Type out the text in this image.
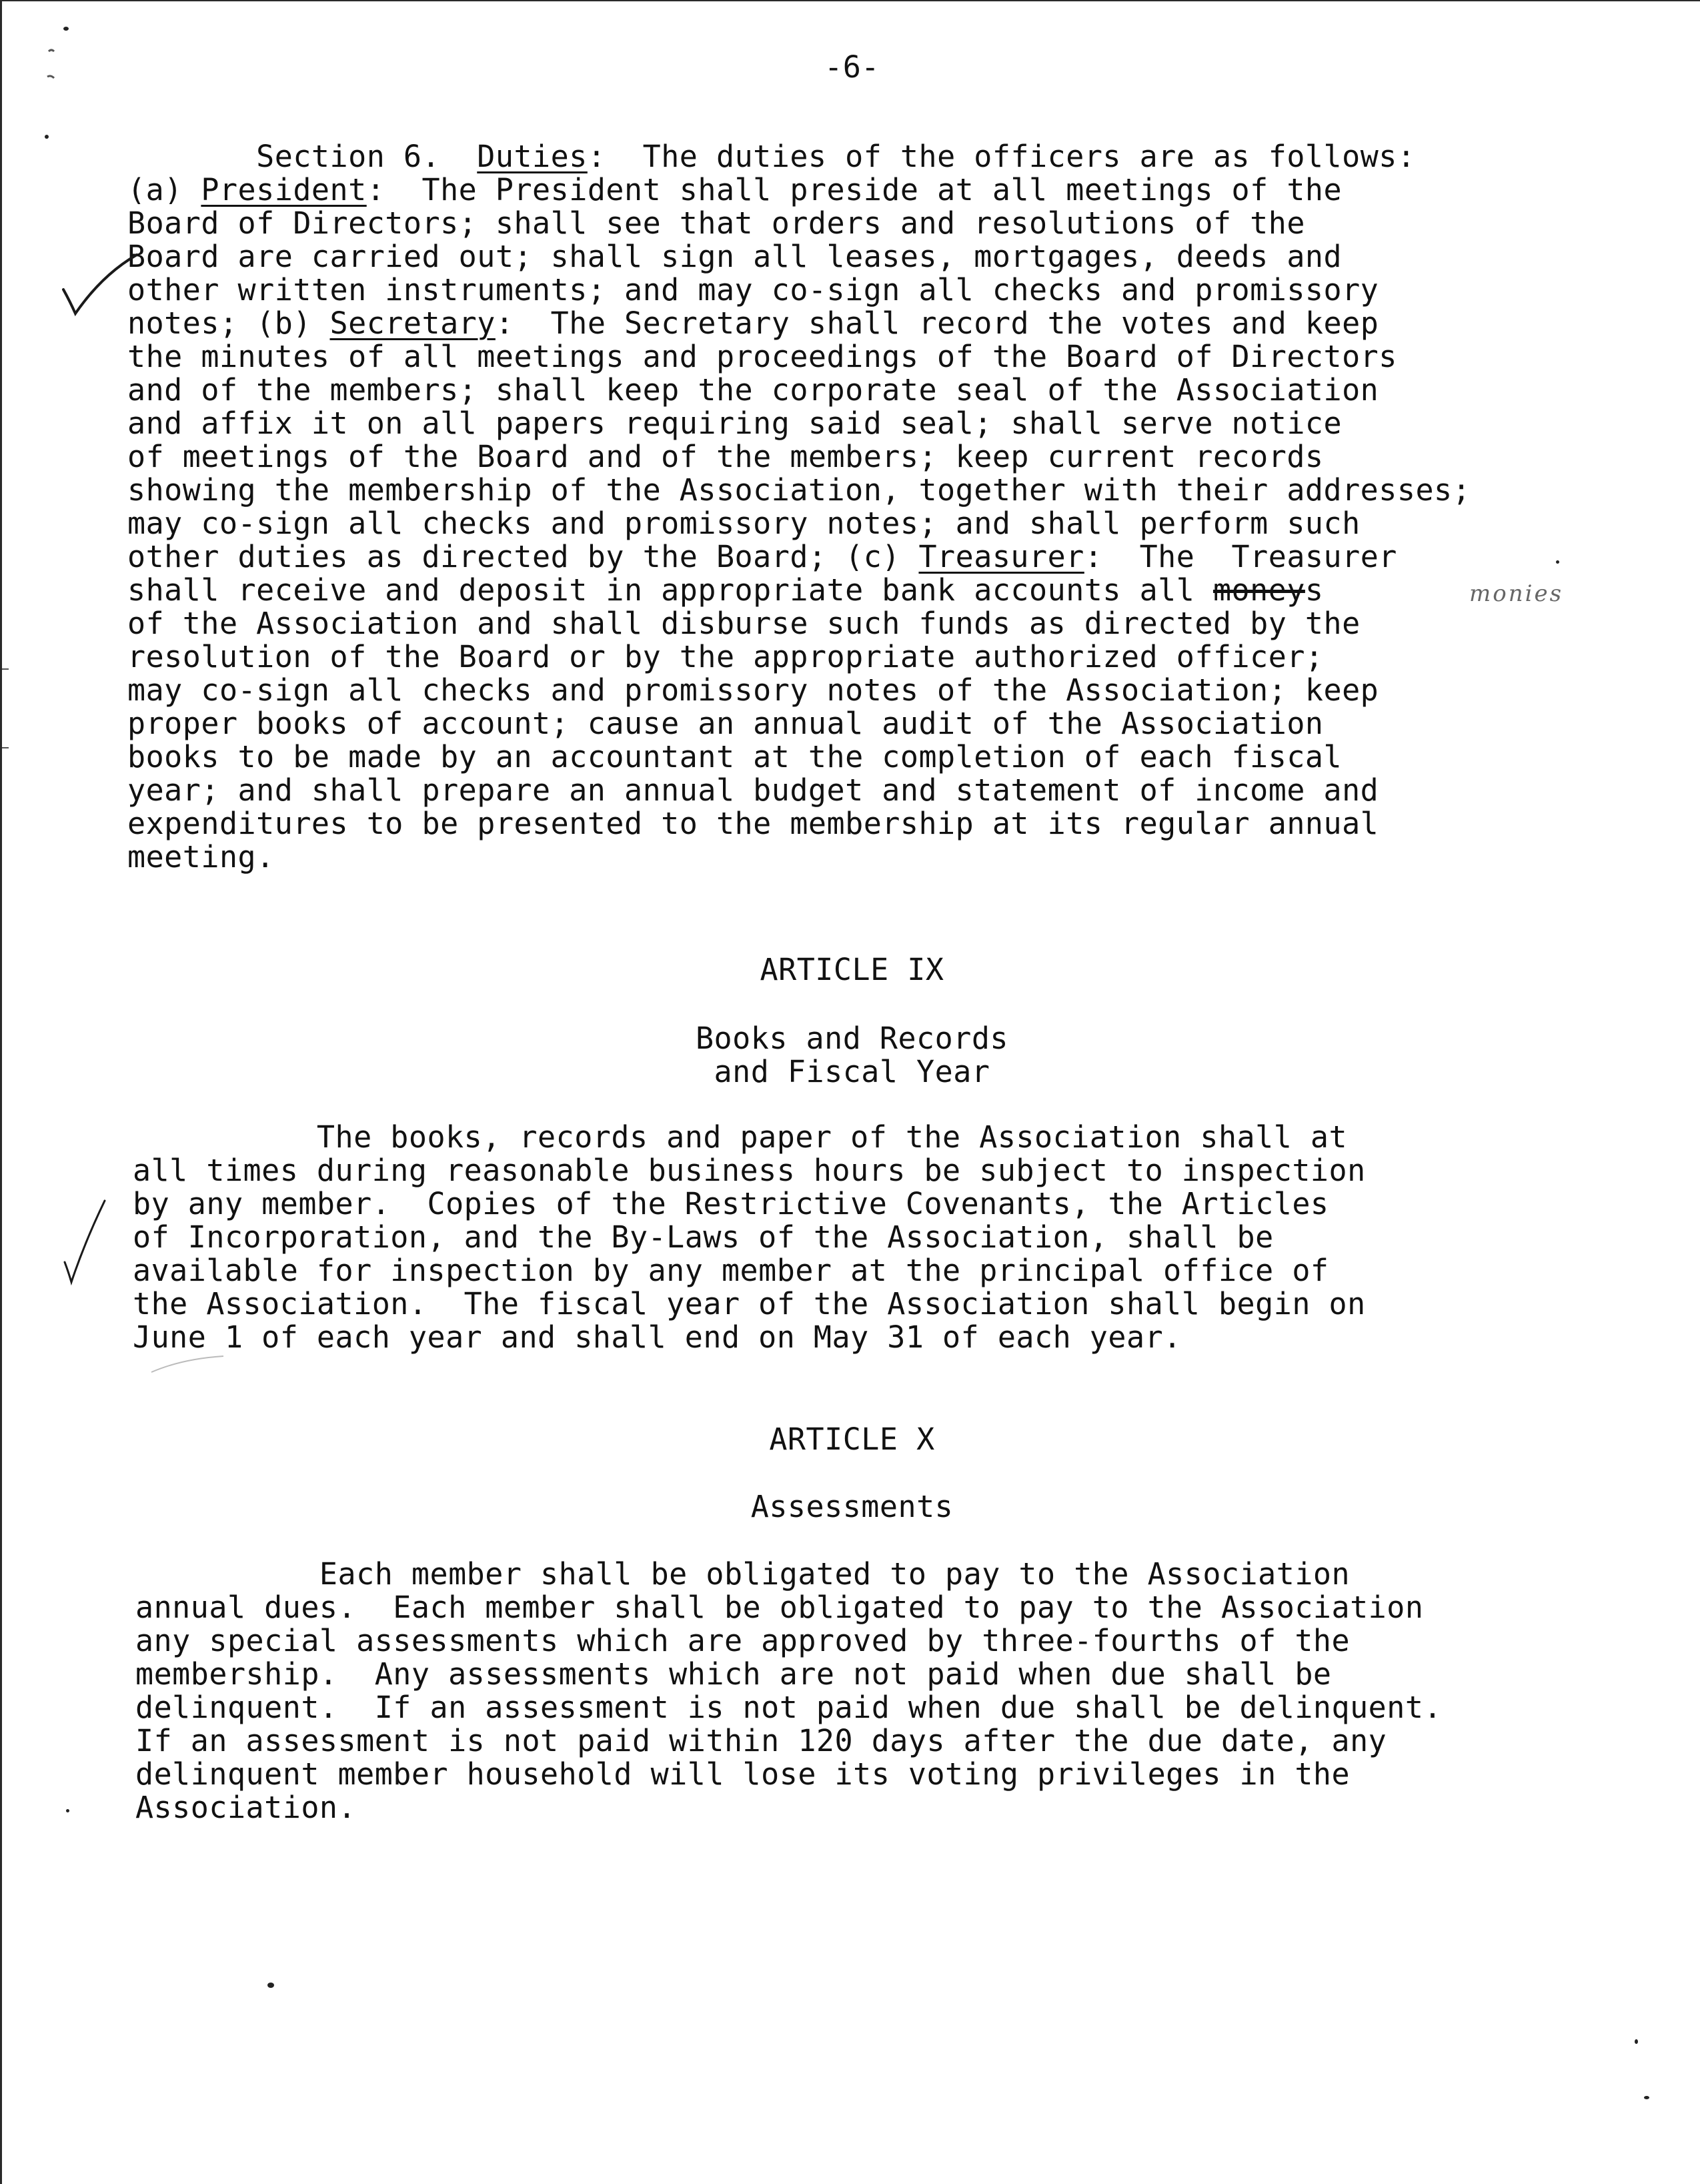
-6-
Section 6.  Duties:  The duties of the officers are as follows:
(a) President:  The President shall preside at all meetings of the
Board of Directors; shall see that orders and resolutions of the
Board are carried out; shall sign all leases, mortgages, deeds and
other written instruments; and may co-sign all checks and promissory
notes; (b) Secretary:  The Secretary shall record the votes and keep
the minutes of all meetings and proceedings of the Board of Directors
and of the members; shall keep the corporate seal of the Association
and affix it on all papers requiring said seal; shall serve notice
of meetings of the Board and of the members; keep current records
showing the membership of the Association, together with their addresses;
may co-sign all checks and promissory notes; and shall perform such
other duties as directed by the Board; (c) Treasurer:  The  Treasurer
shall receive and deposit in appropriate bank accounts all moneys
of the Association and shall disburse such funds as directed by the
resolution of the Board or by the appropriate authorized officer;
may co-sign all checks and promissory notes of the Association; keep
proper books of account; cause an annual audit of the Association
books to be made by an accountant at the completion of each fiscal
year; and shall prepare an annual budget and statement of income and
expenditures to be presented to the membership at its regular annual
meeting.
monies
ARTICLE IX
Books and Records
and Fiscal Year
The books, records and paper of the Association shall at
all times during reasonable business hours be subject to inspection
by any member.  Copies of the Restrictive Covenants, the Articles
of Incorporation, and the By-Laws of the Association, shall be
available for inspection by any member at the principal office of
the Association.  The fiscal year of the Association shall begin on
June 1 of each year and shall end on May 31 of each year.
ARTICLE X
Assessments
Each member shall be obligated to pay to the Association
annual dues.  Each member shall be obligated to pay to the Association
any special assessments which are approved by three-fourths of the
membership.  Any assessments which are not paid when due shall be
delinquent.  If an assessment is not paid when due shall be delinquent.
If an assessment is not paid within 120 days after the due date, any
delinquent member household will lose its voting privileges in the
Association.
